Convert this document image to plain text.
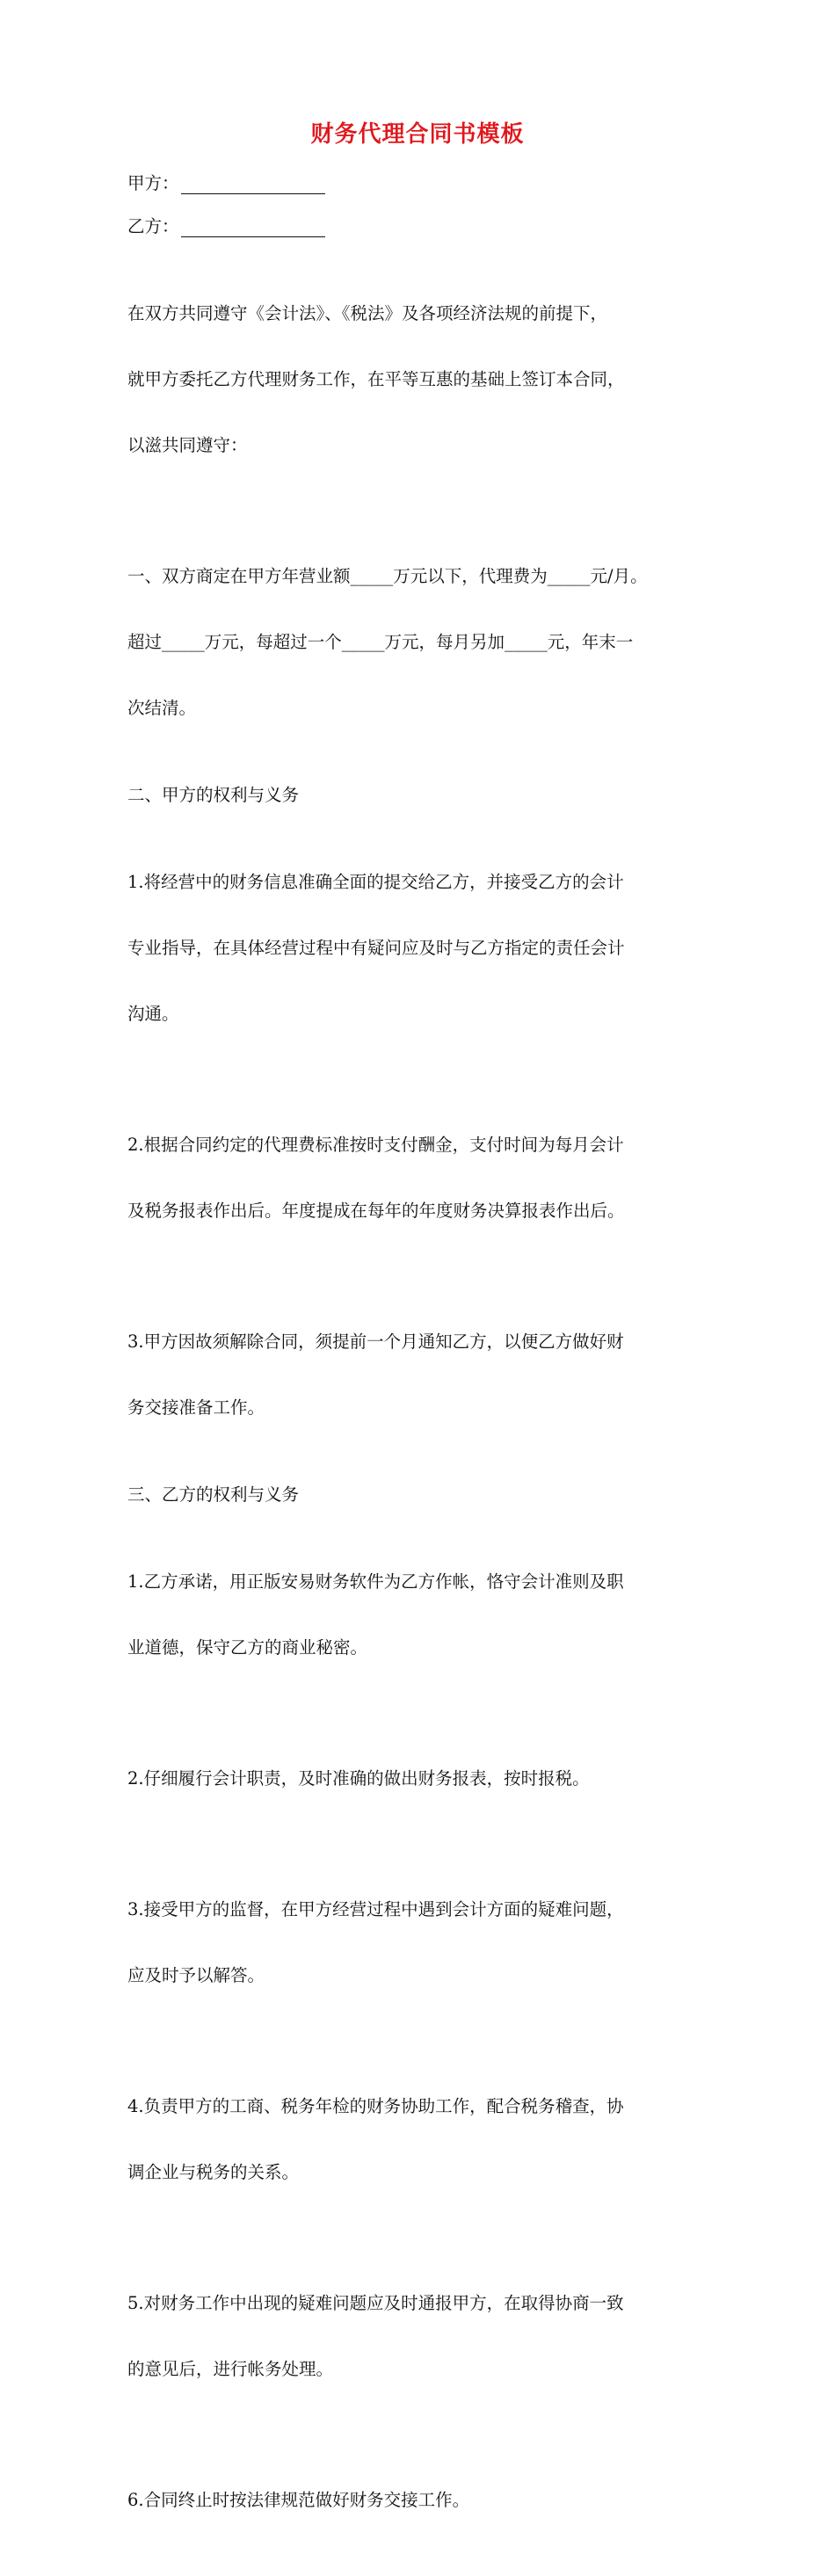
财务代理合同书模板
甲方：
乙方：

在双方共同遵守《会计法》、《税法》及各项经济法规的前提下，

就甲方委托乙方代理财务工作，在平等互惠的基础上签订本合同，

以滋共同遵守：

一、双方商定在甲方年营业额_____万元以下，代理费为_____元/月。

超过_____万元，每超过一个_____万元，每月另加_____元，年末一

次结清。

二、甲方的权利与义务

1.将经营中的财务信息准确全面的提交给乙方，并接受乙方的会计

专业指导，在具体经营过程中有疑问应及时与乙方指定的责任会计

沟通。

2.根据合同约定的代理费标准按时支付酬金，支付时间为每月会计

及税务报表作出后。年度提成在每年的年度财务决算报表作出后。

3.甲方因故须解除合同，须提前一个月通知乙方，以便乙方做好财

务交接准备工作。

三、乙方的权利与义务

1.乙方承诺，用正版安易财务软件为乙方作帐，恪守会计准则及职

业道德，保守乙方的商业秘密。

2.仔细履行会计职责，及时准确的做出财务报表，按时报税。

3.接受甲方的监督，在甲方经营过程中遇到会计方面的疑难问题，

应及时予以解答。

4.负责甲方的工商、税务年检的财务协助工作，配合税务稽查，协

调企业与税务的关系。

5.对财务工作中出现的疑难问题应及时通报甲方，在取得协商一致

的意见后，进行帐务处理。

6.合同终止时按法律规范做好财务交接工作。
